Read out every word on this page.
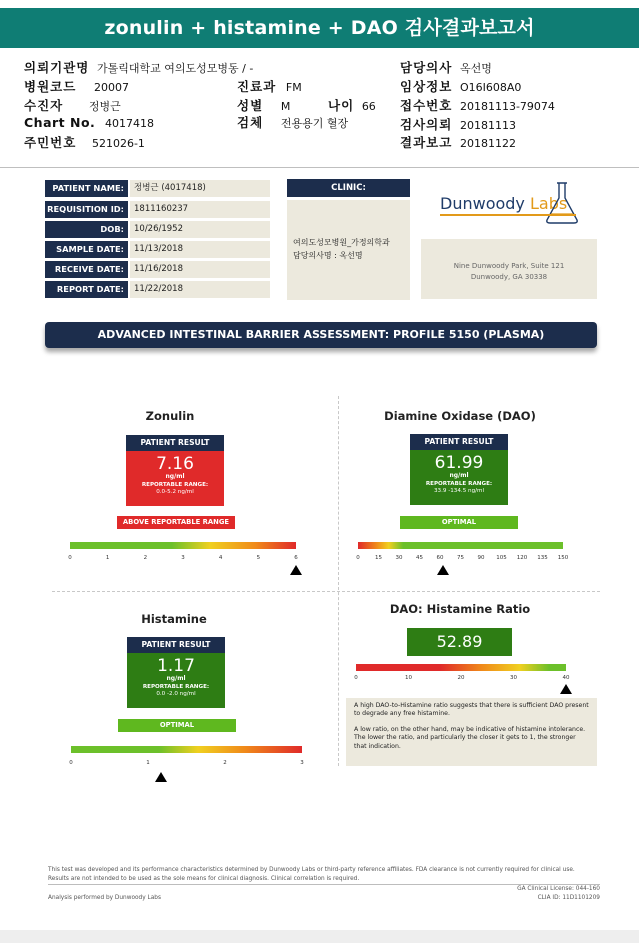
zonulin + histamine + DAO 검사결과보고서
의뢰기관명 가톨릭대학교 여의도성모병동 / -	담당의사 옥선명
병원코드 20007	진료과 FM	임상정보 O16I608A0
수진자 정병근	성별 M	나이 66 접수번호 20181113-79074
Chart No. 4017418	검체 전용용기 혈장	검사의뢰 20181113
주민번호 521026-1	결과보고 20181122
PATIENT NAME:	정병근 (4017418)
REQUISITION ID:	1811160237
DOB:	10/26/1952
SAMPLE DATE:	11/13/2018
RECEIVE DATE:	11/16/2018
REPORT DATE:	11/22/2018
CLINIC:
여의도성모병원_가정의학과
담당의사명 : 옥선명
Dunwoody Labs
Nine Dunwoody Park, Suite 121
Dunwoody, GA 30338
ADVANCED INTESTINAL BARRIER ASSESSMENT: PROFILE 5150 (PLASMA)
Zonulin
PATIENT RESULT
7.16
ng/ml
REPORTABLE RANGE:
0.0-5.2 ng/ml
ABOVE REPORTABLE RANGE
0	1	2	3	4	5	6
Diamine Oxidase (DAO)
PATIENT RESULT
61.99
ng/ml
REPORTABLE RANGE:
33.9 -134.5 ng/ml
OPTIMAL
0	15 30 45 60 75 90 105 120 135 150
Histamine
PATIENT RESULT
1.17
ng/ml
REPORTABLE RANGE:
0.0 -2.0 ng/ml
OPTIMAL
0	1	2	3
DAO: Histamine Ratio
52.89
0	10	20	30	40

A high DAO-to-Histamine ratio suggests that there is sufficient DAO present to degrade any free histamine.

A low ratio, on the other hand, may be indicative of histamine intolerance. The lower the ratio, and particularly the closer it gets to 1, the stronger that indication.

This test was developed and its performance characteristics determined by Dunwoody Labs or third-party reference affiliates. FDA clearance is not currently required for clinical use.
Results are not intended to be used as the sole means for clinical diagnosis. Clinical correlation is required.
Analysis performed by Dunwoody Labs
GA Clinical License: 044-160
CLIA ID: 11D1101209
